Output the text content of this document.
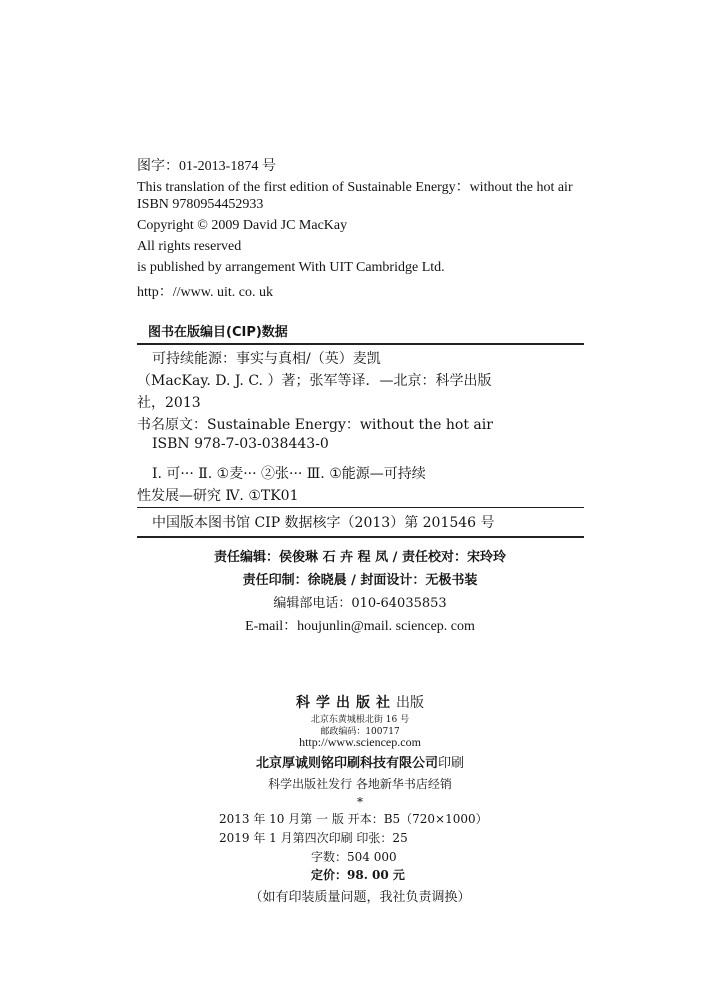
图字：01-2013-1874 号
This translation of the first edition of Sustainable Energy：without the hot air
ISBN 9780954452933
Copyright © 2009 David JC MacKay
All rights reserved
is published by arrangement With UIT Cambridge Ltd.
http：//www. uit. co. uk
图书在版编目(CIP)数据
可持续能源：事实与真相/（英）麦凯
（MacKay. D. J. C. ）著；张军等译．—北京：科学出版
社，2013
书名原文：Sustainable Energy：without the hot air
ISBN 978-7-03-038443-0
Ⅰ. 可··· Ⅱ. ①麦··· ②张··· Ⅲ. ①能源—可持续
性发展—研究 Ⅳ. ①TK01
中国版本图书馆 CIP 数据核字（2013）第 201546 号
责任编辑：侯俊琳 石 卉 程 凤 / 责任校对：宋玲玲
责任印制：徐晓晨 / 封面设计：无极书装
编辑部电话：010-64035853
E-mail：houjunlin@mail. sciencep. com
科学出版社出版
北京东黄城根北街 16 号
邮政编码：100717
http://www.sciencep.com
北京厚诚则铭印刷科技有限公司印刷
科学出版社发行 各地新华书店经销
*
2013 年 10 月第 一 版 开本：B5（720×1000）
2019 年 1 月第四次印刷 印张：25
字数：504 000
定价：98. 00 元
（如有印装质量问题，我社负责调换）
